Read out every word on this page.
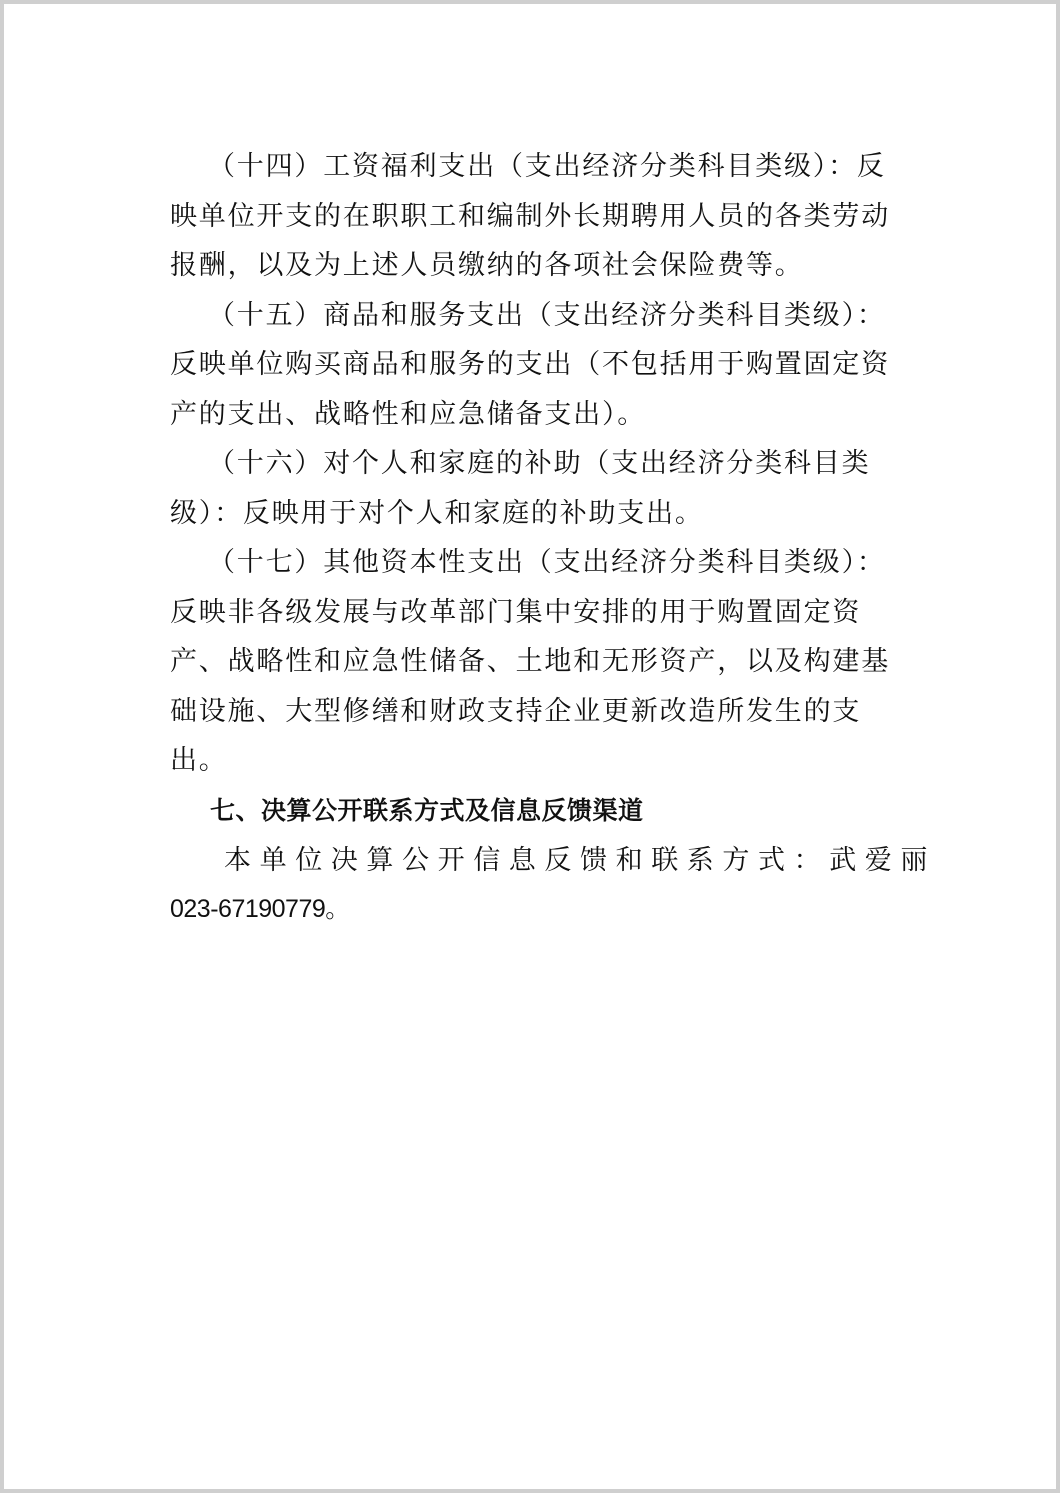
（十四）工资福利支出（支出经济分类科目类级）：反映单位开支的在职职工和编制外长期聘用人员的各类劳动报酬，以及为上述人员缴纳的各项社会保险费等。

（十五）商品和服务支出（支出经济分类科目类级）：反映单位购买商品和服务的支出（不包括用于购置固定资产的支出、战略性和应急储备支出）。

（十六）对个人和家庭的补助（支出经济分类科目类级）：反映用于对个人和家庭的补助支出。

（十七）其他资本性支出（支出经济分类科目类级）：反映非各级发展与改革部门集中安排的用于购置固定资产、战略性和应急性储备、土地和无形资产，以及构建基础设施、大型修缮和财政支持企业更新改造所发生的支出。

七、决算公开联系方式及信息反馈渠道

本单位决算公开信息反馈和联系方式：武爱丽

023-67190779。
